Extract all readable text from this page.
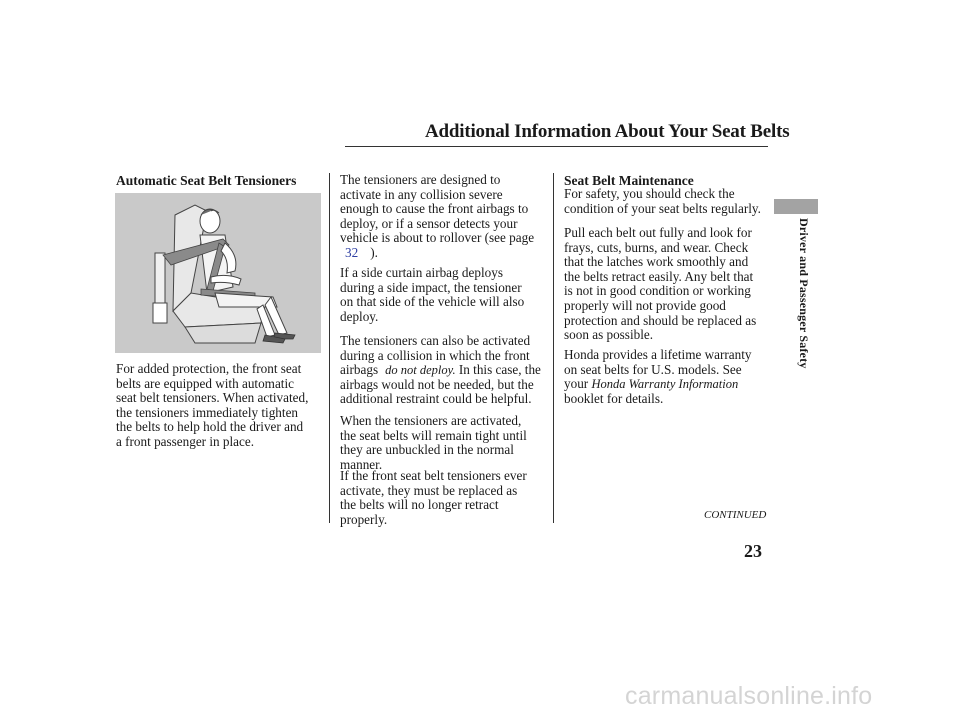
Additional Information About Your Seat Belts
Driver and Passenger Safety
Automatic Seat Belt Tensioners
For added protection, the front seat
belts are equipped with automatic
seat belt tensioners. When activated,
the tensioners immediately tighten
the belts to help hold the driver and
a front passenger in place.
The tensioners are designed to
activate in any collision severe
enough to cause the front airbags to
deploy, or if a sensor detects your
vehicle is about to rollover (see page
32 ).
If a side curtain airbag deploys
during a side impact, the tensioner
on that side of the vehicle will also
deploy.
The tensioners can also be activated
during a collision in which the front
airbags do not deploy. In this case, the
airbags would not be needed, but the
additional restraint could be helpful.
When the tensioners are activated,
the seat belts will remain tight until
they are unbuckled in the normal
manner.
If the front seat belt tensioners ever
activate, they must be replaced as
the belts will no longer retract
properly.
Seat Belt Maintenance
For safety, you should check the
condition of your seat belts regularly.
Pull each belt out fully and look for
frays, cuts, burns, and wear. Check
that the latches work smoothly and
the belts retract easily. Any belt that
is not in good condition or working
properly will not provide good
protection and should be replaced as
soon as possible.
Honda provides a lifetime warranty
on seat belts for U.S. models. See
your Honda Warranty Information
booklet for details.
CONTINUED
23
carmanualsonline.info
